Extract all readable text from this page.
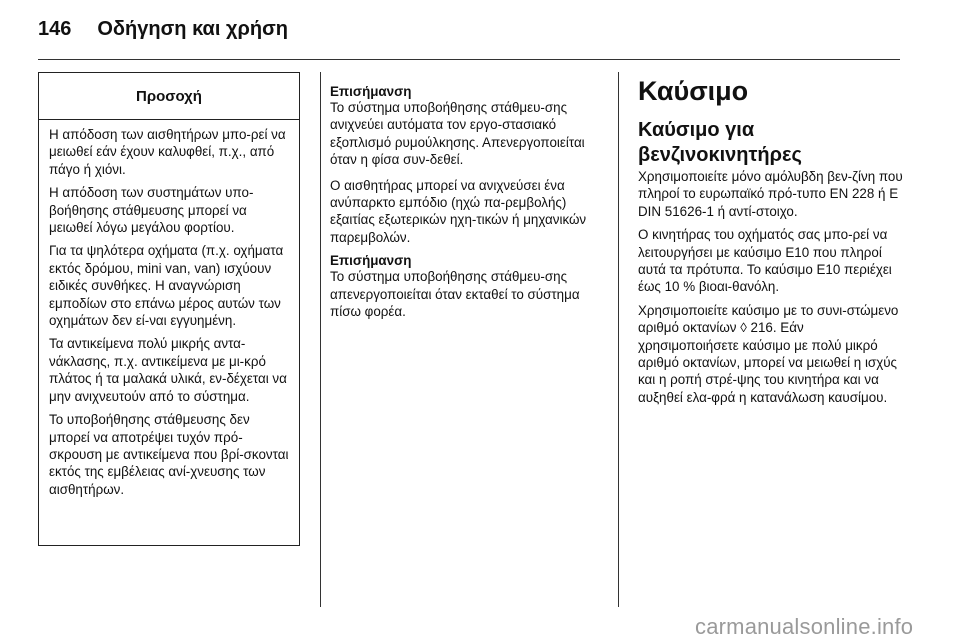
146 Οδήγηση και χρήση
Προσοχή

Η απόδοση των αισθητήρων μπο-ρεί να μειωθεί εάν έχουν καλυφθεί, π.χ., από πάγο ή χιόνι.

Η απόδοση των συστημάτων υπο-βοήθησης στάθμευσης μπορεί να μειωθεί λόγω μεγάλου φορτίου.

Για τα ψηλότερα οχήματα (π.χ. οχήματα εκτός δρόμου, mini van, van) ισχύουν ειδικές συνθήκες. Η αναγνώριση εμποδίων στο επάνω μέρος αυτών των οχημάτων δεν εί-ναι εγγυημένη.

Τα αντικείμενα πολύ μικρής αντα-νάκλασης, π.χ. αντικείμενα με μι-κρό πλάτος ή τα μαλακά υλικά, εν-δέχεται να μην ανιχνευτούν από το σύστημα.

Το υποβοήθησης στάθμευσης δεν μπορεί να αποτρέψει τυχόν πρό-σκρουση με αντικείμενα που βρί-σκονται εκτός της εμβέλειας ανί-χνευσης των αισθητήρων.

Επισήμανση

Το σύστημα υποβοήθησης στάθμευ-σης ανιχνεύει αυτόματα τον εργο-στασιακό εξοπλισμό ρυμούλκησης. Απενεργοποιείται όταν η φίσα συν-δεθεί.

Ο αισθητήρας μπορεί να ανιχνεύσει ένα ανύπαρκτο εμπόδιο (ηχώ πα-ρεμβολής) εξαιτίας εξωτερικών ηχη-τικών ή μηχανικών παρεμβολών.

Επισήμανση

Το σύστημα υποβοήθησης στάθμευ-σης απενεργοποιείται όταν εκταθεί το σύστημα πίσω φορέα.

Καύσιμο

Καύσιμο για βενζινοκινητήρες

Χρησιμοποιείτε μόνο αμόλυβδη βεν-ζίνη που πληροί το ευρωπαϊκό πρό-τυπο EN 228 ή E DIN 51626-1 ή αντί-στοιχο.

Ο κινητήρας του οχήματός σας μπο-ρεί να λειτουργήσει με καύσιμο E10 που πληροί αυτά τα πρότυπα. Το καύσιμο E10 περιέχει έως 10 % βιοαι-θανόλη.

Χρησιμοποιείτε καύσιμο με το συνι-στώμενο αριθμό οκτανίων ◊ 216. Εάν χρησιμοποιήσετε καύσιμο με πολύ μικρό αριθμό οκτανίων, μπορεί να μειωθεί η ισχύς και η ροπή στρέ-ψης του κινητήρα και να αυξηθεί ελα-φρά η κατανάλωση καυσίμου.

carmanualsonline.info
